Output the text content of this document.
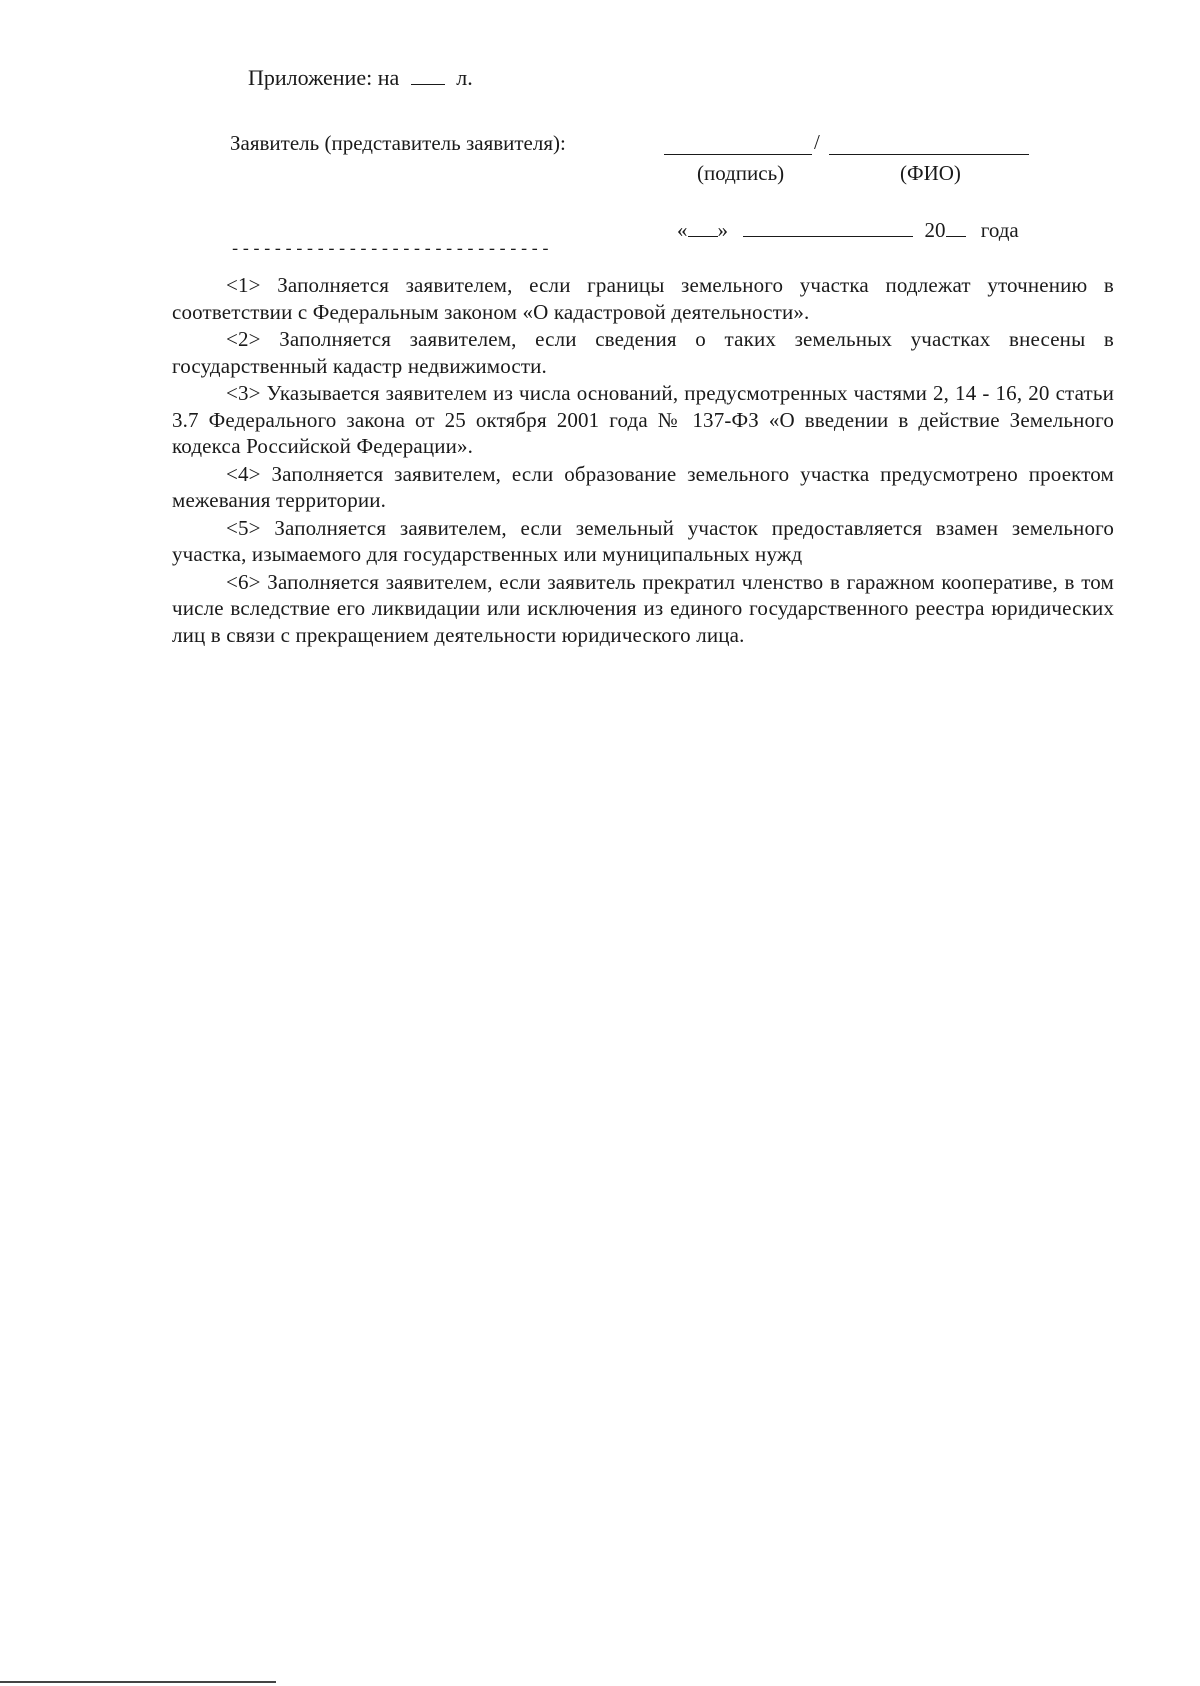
Приложение: на	л.
Заявитель (представитель заявителя):	/
(подпись)	(ФИО)
« »	20 года
------------------------------

<1> Заполняется заявителем, если границы земельного участка подлежат уточнению в соответствии с Федеральным законом «О кадастровой деятельности».

<2> Заполняется заявителем, если сведения о таких земельных участках внесены в государственный кадастр недвижимости.

<3> Указывается заявителем из числа оснований, предусмотренных частями 2, 14 - 16, 20 статьи 3.7 Федерального закона от 25 октября 2001 года № 137-ФЗ «О введении в действие Земельного кодекса Российской Федерации».

<4> Заполняется заявителем, если образование земельного участка предусмотрено проектом межевания территории.

<5> Заполняется заявителем, если земельный участок предоставляется взамен земельного участка, изымаемого для государственных или муниципальных нужд

<6> Заполняется заявителем, если заявитель прекратил членство в гаражном кооперативе, в том числе вследствие его ликвидации или исключения из единого государственного реестра юридических лиц в связи с прекращением деятельности юридического лица.
